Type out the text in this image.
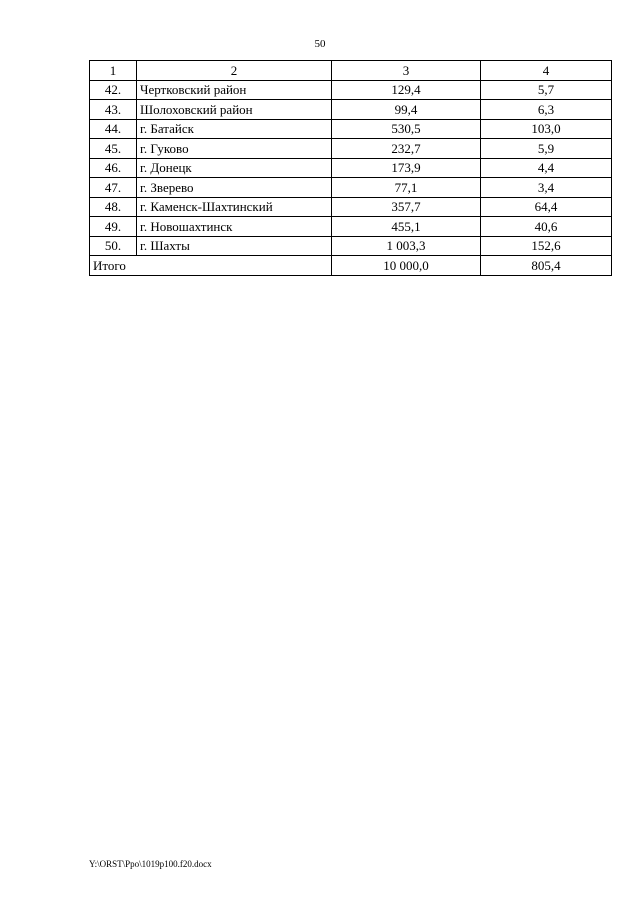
50
1	2	3	4
42.	Чертковский район	129,4	5,7
43.	Шолоховский район	99,4	6,3
44.	г. Батайск	530,5	103,0
45.	г. Гуково	232,7	5,9
46.	г. Донецк	173,9	4,4
47.	г. Зверево	77,1	3,4
48.	г. Каменск-Шахтинский	357,7	64,4
49.	г. Новошахтинск	455,1	40,6
50.	г. Шахты	1 003,3	152,6
Итого		10 000,0	805,4
Y:\ORST\Ppo\1019p100.f20.docx
